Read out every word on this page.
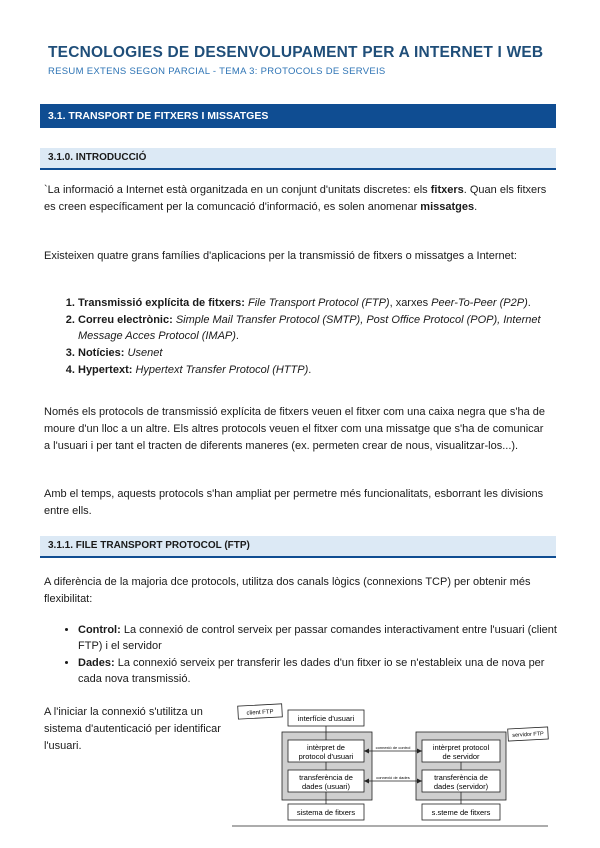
TECNOLOGIES DE DESENVOLUPAMENT PER A INTERNET I WEB
RESUM EXTENS SEGON PARCIAL - TEMA 3: PROTOCOLS DE SERVEIS
3.1. TRANSPORT DE FITXERS I MISSATGES
3.1.0. INTRODUCCIÓ
`La informació a Internet està organitzada en un conjunt d'unitats discretes: els fitxers. Quan els fitxers es creen específicament per la comuncació d'informació, es solen anomenar missatges.
Existeixen quatre grans famílies d'aplicacions per la transmissió de fitxers o missatges a Internet:
1. Transmissió explícita de fitxers: File Transport Protocol (FTP), xarxes Peer-To-Peer (P2P).
2. Correu electrònic: Simple Mail Transfer Protocol (SMTP), Post Office Protocol (POP), Internet Message Acces Protocol (IMAP).
3. Notícies: Usenet
4. Hypertext: Hypertext Transfer Protocol (HTTP).
Només els protocols de transmissió explícita de fitxers veuen el fitxer com una caixa negra que s'ha de moure d'un lloc a un altre. Els altres protocols veuen el fitxer com una missatge que s'ha de comunicar a l'usuari i per tant el tracten de diferents maneres (ex. permeten crear de nous, visualitzar-los...).
Amb el temps, aquests protocols s'han ampliat per permetre més funcionalitats, esborrant les divisions entre ells.
3.1.1. FILE TRANSPORT PROTOCOL (FTP)
A diferència de la majoria dce protocols, utilitza dos canals lògics (connexions TCP) per obtenir més flexibilitat:
• Control: La connexió de control serveix per passar comandes interactivament entre l'usuari (client FTP) i el servidor
• Dades: La connexió serveix per transferir les dades d'un fitxer io se n'estableix una de nova per cada nova transmissió.
A l'iniciar la connexió s'utilitza un sistema d'autenticació per identificar l'usuari.
client FTP
interfície d'usuari
intèrpret de
protocol d'usuari
transferència de
dades (usuari)
servidor FTP
intèrpret protocol
de servidor
transferència de
dades (servidor)
connexió de control
connexió de dades
sistema de fitxers	s.steme de fitxers
